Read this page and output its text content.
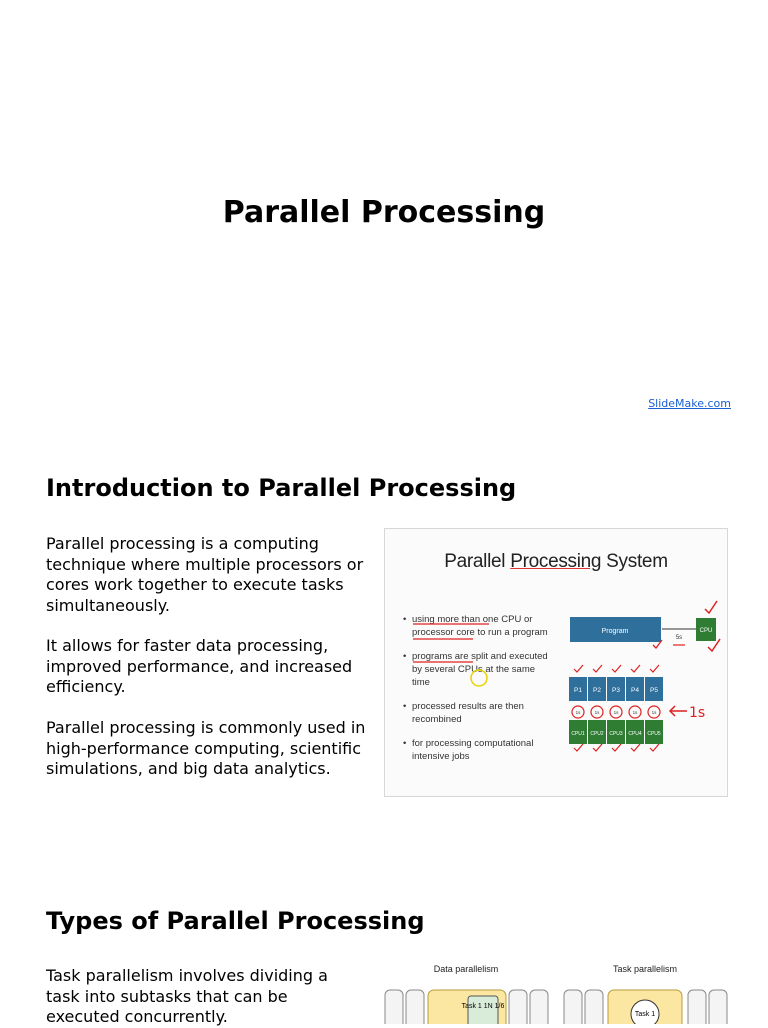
Parallel Processing
SlideMake.com
Introduction to Parallel Processing

Parallel processing is a computing technique where multiple processors or cores work together to execute tasks simultaneously.

It allows for faster data processing, improved performance, and increased efficiency.

Parallel processing is commonly used in high-performance computing, scientific simulations, and big data analytics.

Parallel Processing System
• using more than one CPU or processor core to run a program
• programs are split and executed by several CPUs at the same time
• processed results are then recombined
• for processing computational intensive jobs
Program
5s
CPU
P1 P2 P3 P4 P5
1s	1s	1s	1s	1s
CPU1 CPU2 CPU3 CPU4 CPU5
1s
Types of Parallel Processing

Task parallelism involves dividing a task into subtasks that can be executed concurrently.

Data parallelism	Task parallelism
Task 1 1N 1/6
Task 1
